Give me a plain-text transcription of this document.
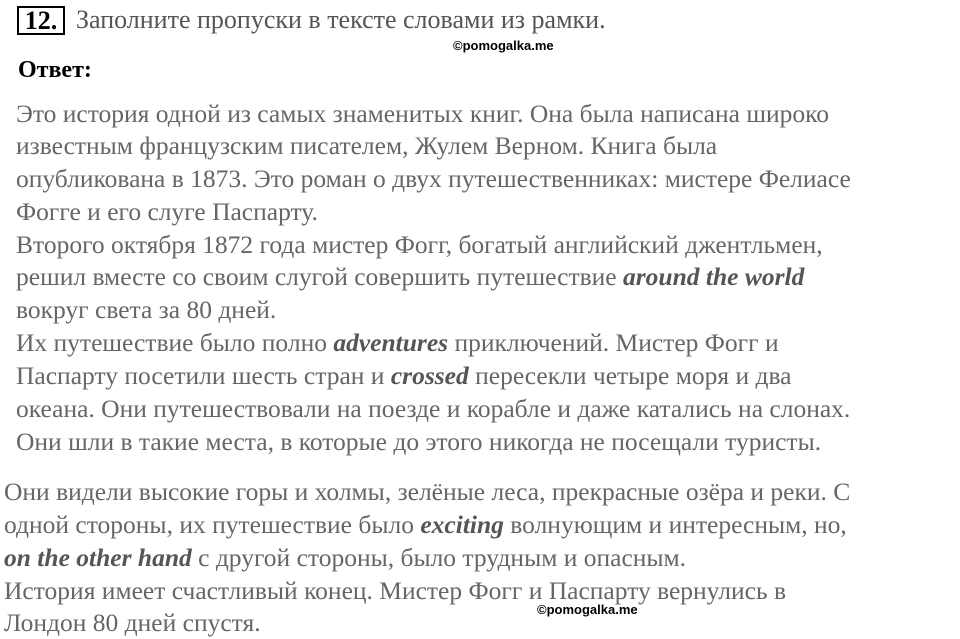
12. Заполните пропуски в тексте словами из рамки.
©pomogalka.me
Ответ:
Это история одной из самых знаменитых книг. Она была написана широко
известным французским писателем, Жулем Верном. Книга была
опубликована в 1873. Это роман о двух путешественниках: мистере Фелиасе
Фогге и его слуге Паспарту.
Второго октября 1872 года мистер Фогг, богатый английский джентльмен,
решил вместе со своим слугой совершить путешествие around the world
вокруг света за 80 дней.
Их путешествие было полно adventures приключений. Мистер Фогг и
Паспарту посетили шесть стран и crossed пересекли четыре моря и два
океана. Они путешествовали на поезде и корабле и даже катались на слонах.
Они шли в такие места, в которые до этого никогда не посещали туристы.
Они видели высокие горы и холмы, зелёные леса, прекрасные озёра и реки. С
одной стороны, их путешествие было exciting волнующим и интересным, но,
on the other hand с другой стороны, было трудным и опасным.
История имеет счастливый конец. Мистер Фогг и Паспарту вернулись в
Лондон 80 дней спустя.	©pomogalka.me
